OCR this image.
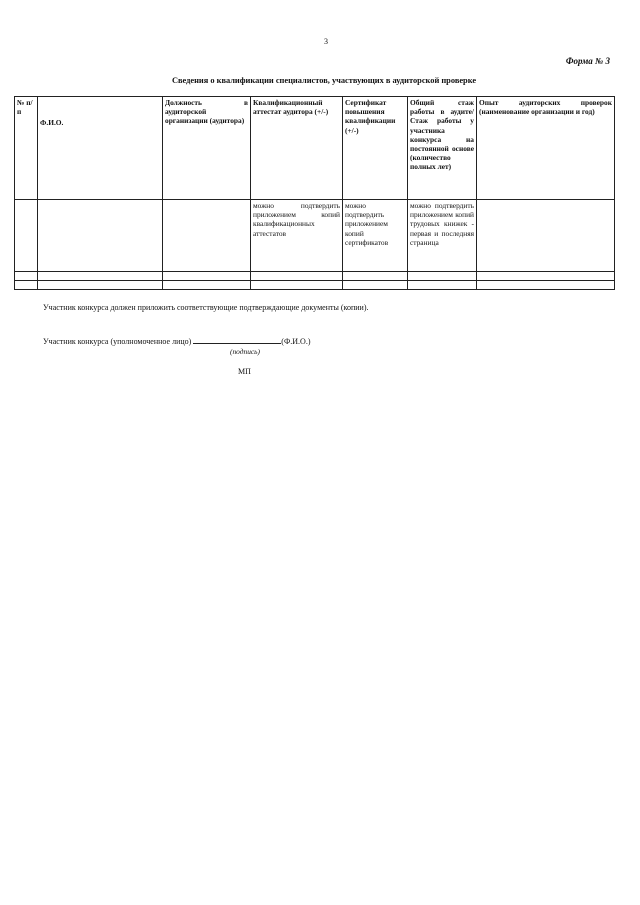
3
Форма № 3
Сведения о квалификации специалистов, участвующих в аудиторской проверке
№ п/п	Ф.И.О.	Должность в аудиторской организации (аудитора)	Квалификационный аттестат аудитора (+/-)	Сертификат повышения квалификации (+/-)	Общий стаж работы в аудите/Стаж работы у участника конкурса на постоянной основе (количество полных лет)	Опыт аудиторских проверок (наименование организации и год)
			можно подтвердить приложением копий квалификационных аттестатов	можно подтвердить приложением копий сертификатов	можно подтвердить приложением копий трудовых книжек - первая и последняя страница	

Участник конкурса должен приложить соответствующие подтверждающие документы (копии).
Участник конкурса (уполномоченное лицо)	(Ф.И.О.)
(подпись)
МП
